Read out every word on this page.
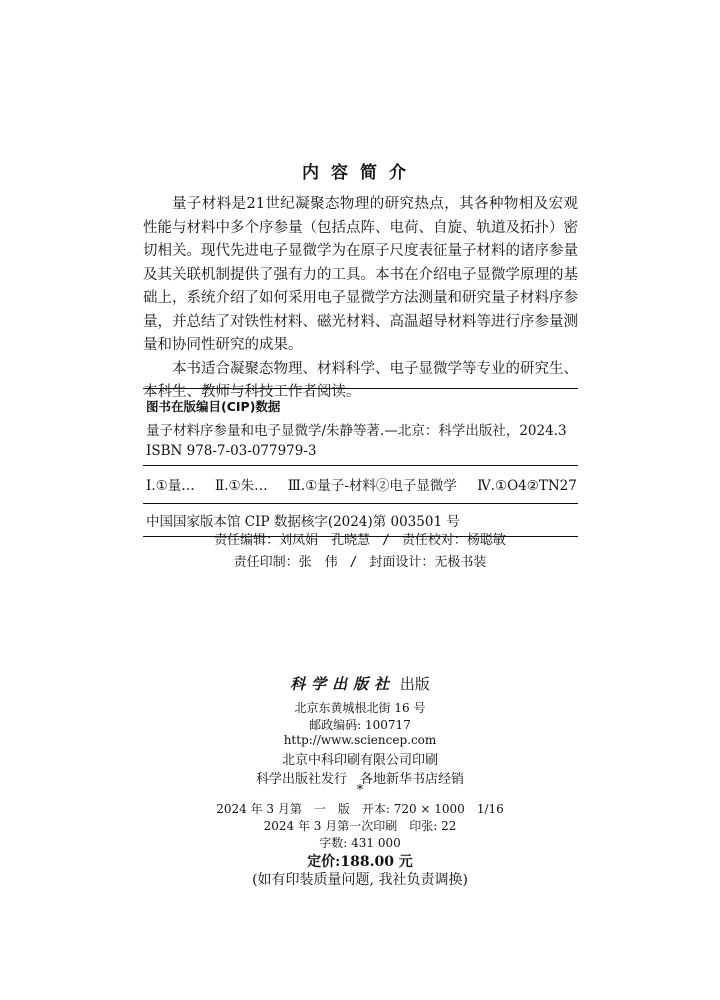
内容简介

量子材料是21世纪凝聚态物理的研究热点，其各种物相及宏观性能与材料中多个序参量（包括点阵、电荷、自旋、轨道及拓扑）密切相关。现代先进电子显微学为在原子尺度表征量子材料的诸序参量及其关联机制提供了强有力的工具。本书在介绍电子显微学原理的基础上，系统介绍了如何采用电子显微学方法测量和研究量子材料序参量，并总结了对铁性材料、磁光材料、高温超导材料等进行序参量测量和协同性研究的成果。

本书适合凝聚态物理、材料科学、电子显微学等专业的研究生、本科生、教师与科技工作者阅读。

图书在版编目(CIP)数据
量子材料序参量和电子显微学/朱静等著.—北京：科学出版社，2024.3
ISBN 978-7-03-077979-3
Ⅰ.①量… Ⅱ.①朱… Ⅲ.①量子-材料②电子显微学 Ⅳ.①O4②TN27
中国国家版本馆 CIP 数据核字(2024)第 003501 号
责任编辑：刘凤娟　孔晓慧 / 责任校对：杨聪敏
责任印制：张　伟 / 封面设计：无极书装
科学出版社 出版
北京东黄城根北街 16 号
邮政编码: 100717
http://www.sciencep.com
北京中科印刷有限公司印刷
科学出版社发行　各地新华书店经销
*
2024 年 3 月第　一　版　开本: 720 × 1000　1/16
2024 年 3 月第一次印刷　印张: 22
字数: 431 000
定价:188.00 元
(如有印装质量问题, 我社负责调换)
